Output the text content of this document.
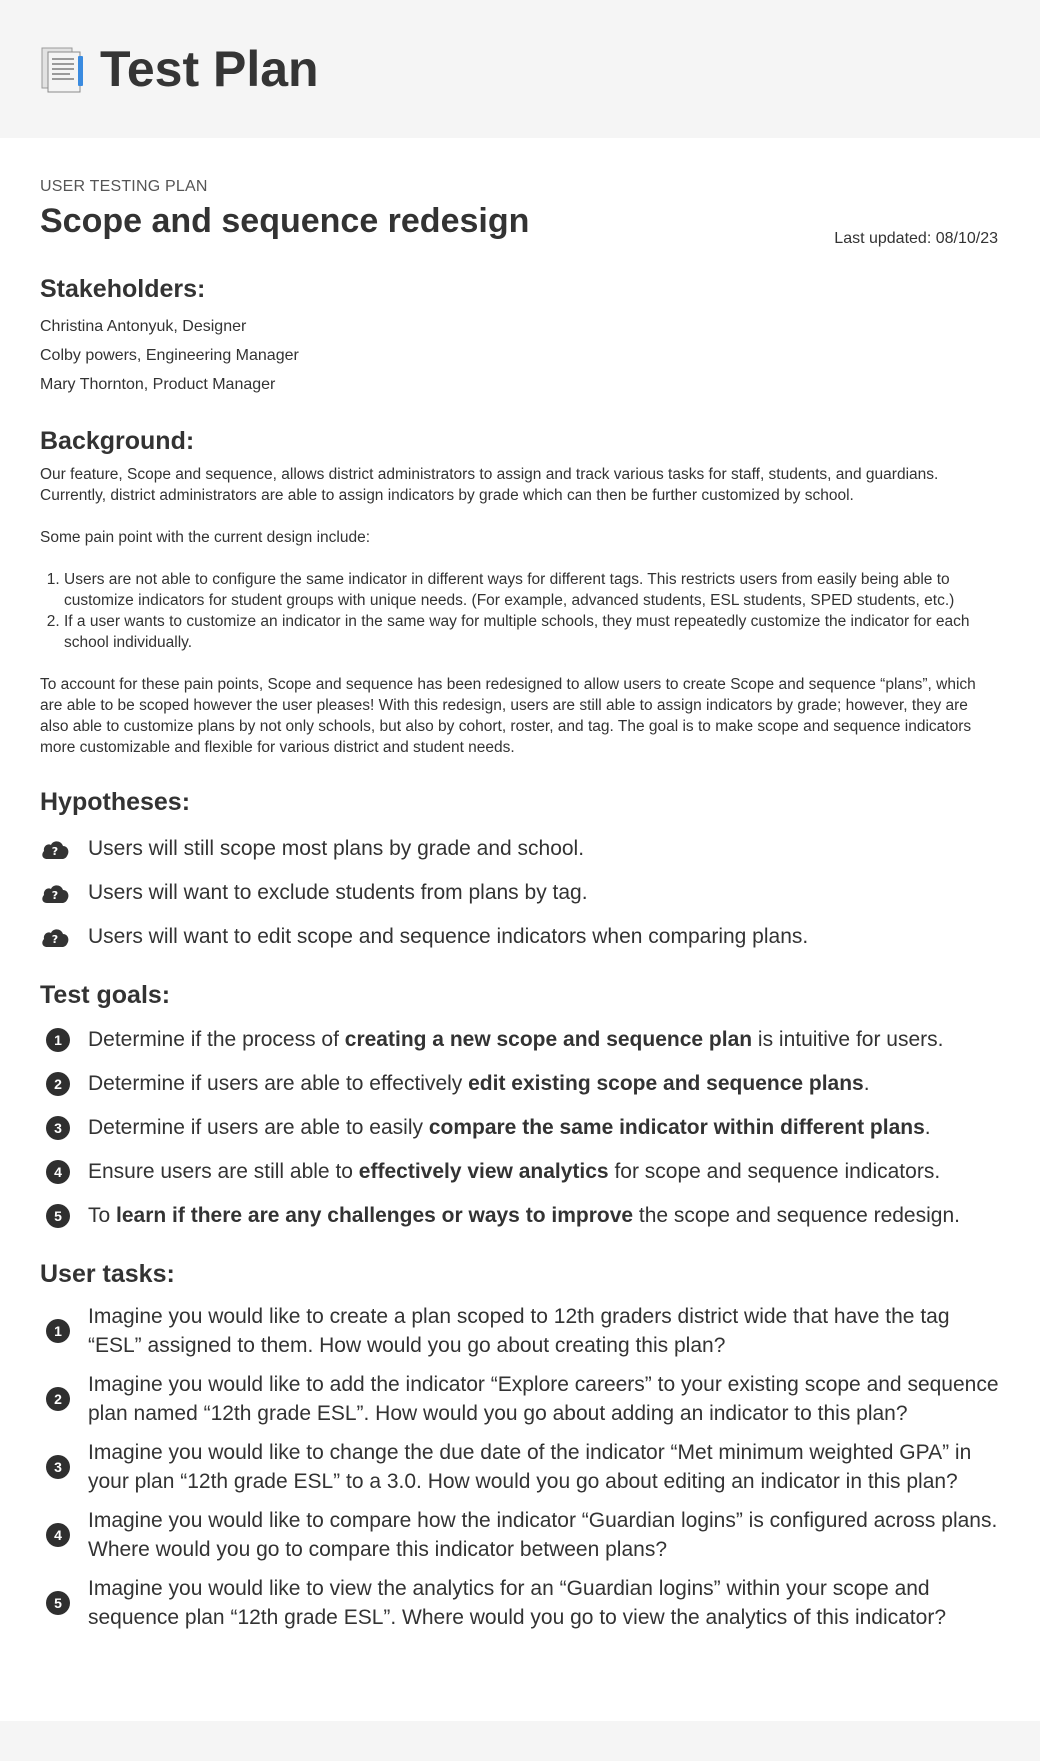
Test Plan
USER TESTING PLAN
Scope and sequence redesign	Last updated: 08/10/23
Stakeholders:
Christina Antonyuk, Designer
Colby powers, Engineering Manager
Mary Thornton, Product Manager
Background:

Our feature, Scope and sequence, allows district administrators to assign and track various tasks for staff, students, and guardians. Currently, district administrators are able to assign indicators by grade which can then be further customized by school.

Some pain point with the current design include:

1. Users are not able to configure the same indicator in different ways for different tags. This restricts users from easily being able to customize indicators for student groups with unique needs. (For example, advanced students, ESL students, SPED students, etc.)
2. If a user wants to customize an indicator in the same way for multiple schools, they must repeatedly customize the indicator for each school individually.

To account for these pain points, Scope and sequence has been redesigned to allow users to create Scope and sequence “plans”, which are able to be scoped however the user pleases! With this redesign, users are still able to assign indicators by grade; however, they are also able to customize plans by not only schools, but also by cohort, roster, and tag. The goal is to make scope and sequence indicators more customizable and flexible for various district and student needs.

Hypotheses:
? Users will still scope most plans by grade and school.
? Users will want to exclude students from plans by tag.
? Users will want to edit scope and sequence indicators when comparing plans.
Test goals:
1	Determine if the process of creating a new scope and sequence plan is intuitive for users.
2	Determine if users are able to effectively edit existing scope and sequence plans.
3	Determine if users are able to easily compare the same indicator within different plans.
4	Ensure users are still able to effectively view analytics for scope and sequence indicators.
5	To learn if there are any challenges or ways to improve the scope and sequence redesign.
User tasks:
1
Imagine you would like to create a plan scoped to 12th graders district wide that have the tag “ESL” assigned to them. How would you go about creating this plan?
2
Imagine you would like to add the indicator “Explore careers” to your existing scope and sequence plan named “12th grade ESL”. How would you go about adding an indicator to this plan?
3
Imagine you would like to change the due date of the indicator “Met minimum weighted GPA” in your plan “12th grade ESL” to a 3.0. How would you go about editing an indicator in this plan?
4
Imagine you would like to compare how the indicator “Guardian logins” is configured across plans. Where would you go to compare this indicator between plans?
5
Imagine you would like to view the analytics for an “Guardian logins” within your scope and sequence plan “12th grade ESL”. Where would you go to view the analytics of this indicator?
